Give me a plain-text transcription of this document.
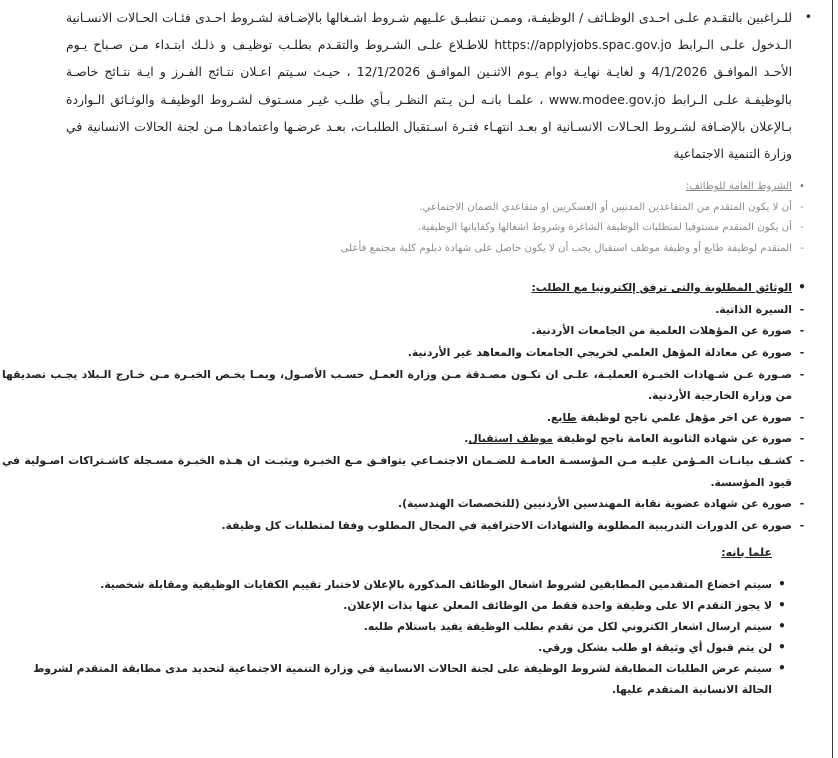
•
للـراغبين بالتقـدم علـى احـدى الوظـائف / الوظيفـة، وممـن تنطبـق علـيهم شـروط اشـغالها بالإضـافة لشـروط احـدى فئـات الحـالات الانسـانية الـدخول علـى الـرابط https://applyjobs.spac.gov.jo للاطـلاع علـى الشـروط والتقـدم بطلـب توظيـف و ذلـك ابتـداء مـن صـباح يـوم الأحـد الموافـق 4/1/2026 و لغايـة نهايـة دوام يـوم الاثنـين الموافـق 12/1/2026 ، حيـث سـيتم اعـلان نتـائج الفـرز و ايـة نتـائج خاصـة بالوظيفـة علـى الـرابط www.modee.gov.jo ، علمـا بانـه لـن يـتم النظـر بـأي طلـب غيـر مسـتوف لشـروط الوظيفـة والوثـائق الـواردة بـالإعلان بالإضـافة لشـروط الحـالات الانسـانية او بعـد انتهـاء فتـرة اسـتقبال الطلبـات، بعـد عرضـها واعتمادهـا مـن لجنة الحالات الانسانية في وزارة التنمية الاجتماعية
•
الشروط العامة للوظائف:
-
أن لا يكون المتقدم من المتقاعدين المدنيين أو العسكريين او متقاعدي الضمان الاجتماعي.
-
أن يكون المتقدم مستوفيا لمتطلبات الوظيفة الشاغرة وشروط اشغالها وكفاياتها الوظيفية.
-
المتقدم لوظيفة طابع أو وظيفة موظف استقبال يجب أن لا يكون حاصل على شهادة دبلوم كلية مجتمع فأعلى
•
الوثائق المطلوبة والتى ترفق إلكترونيا مع الطلب:
-
السيرة الذاتية.
-
صورة عن المؤهلات العلمية من الجامعات الأردنية.
-
صورة عن معادلة المؤهل العلمي لخريجي الجامعات والمعاهد غير الأردنية.
-
صـورة عـن شـهادات الخبـرة العمليـة، علـى ان تكـون مصـدقة مـن وزارة العمـل حسـب الأصـول، وبمـا يخـص الخبـرة مـن خـارج الـبلاد يجـب تصديقها من وزارة الخارجية الأردنية.
-
صورة عن اخر مؤهل علمي ناجح لوظيفة طابع.
-
صورة عن شهادة الثانوية العامة ناجح لوظيفة موظف استقبال.
-
كشـف بيانـات المـؤمن عليـه مـن المؤسسـة العامـة للضـمان الاجتمـاعي يتوافـق مـع الخبـرة ويثبـت ان هـذه الخبـرة مسـجلة كاشـتراكات اصـولية في قيود المؤسسة.
-
صورة عن شهادة عضوية نقابة المهندسين الأردنيين (للتخصصات الهندسية).
-
صورة عن الدورات التدريبية المطلوبة والشهادات الاحترافية في المجال المطلوب وفقا لمتطلبات كل وظيفة.
علما بانه:
•
سيتم اخضاع المتقدمين المطابقين لشروط اشغال الوظائف المذكورة بالإعلان لاختبار تقييم الكفايات الوظيفية ومقابلة شخصية.
•
لا يجوز التقدم الا على وظيفة واحدة فقط من الوظائف المعلن عنها بذات الإعلان.
•
سيتم ارسال اشعار الكتروني لكل من تقدم بطلب الوظيفة يفيد باستلام طلبه.
•
لن يتم قبول أي وثيقة او طلب بشكل ورقي.
•
سيتم عرض الطلبات المطابقة لشروط الوظيفة على لجنة الحالات الانسانية في وزارة التنمية الاجتماعية لتحديد مدى مطابقة المتقدم لشروط الحالة الانسانية المتقدم عليها.
